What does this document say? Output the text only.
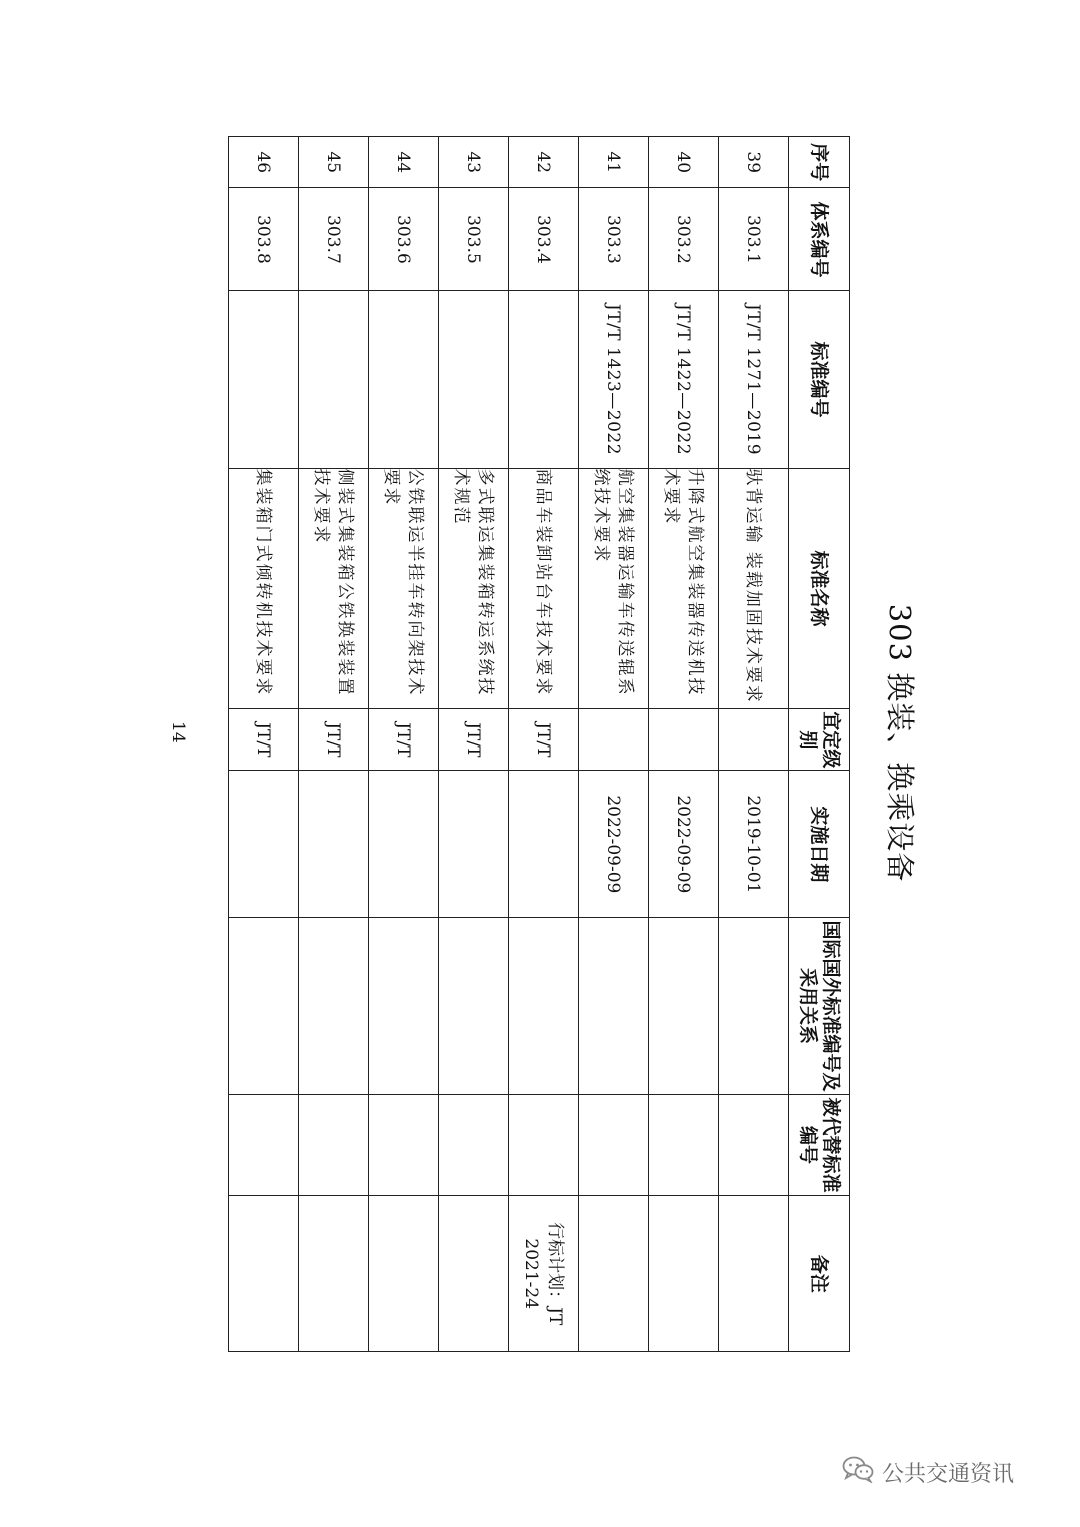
303 换装、换乘设备
序号	体系编号	标准编号	标准名称	宜定级别	实施日期	国际国外标准编号及采用关系	被代替标准编号	备注
39	303.1	JT/T 1271—2019	驮背运输 装载加固技术要求		2019-10-01			
40	303.2	JT/T 1422—2022	升降式航空集装器传送机技术要求		2022-09-09			
41	303.3	JT/T 1423—2022	航空集装器运输车传送辊系统技术要求		2022-09-09			
42	303.4		商品车装卸站台车技术要求	JT/T				行标计划：JT 2021-24
43	303.5		多式联运集装箱转运系统技术规范	JT/T				
44	303.6		公铁联运半挂车转向架技术要求	JT/T				
45	303.7		侧装式集装箱公铁换装装置技术要求	JT/T				
46	303.8		集装箱门式倾转机技术要求	JT/T				
14
公共交通资讯
